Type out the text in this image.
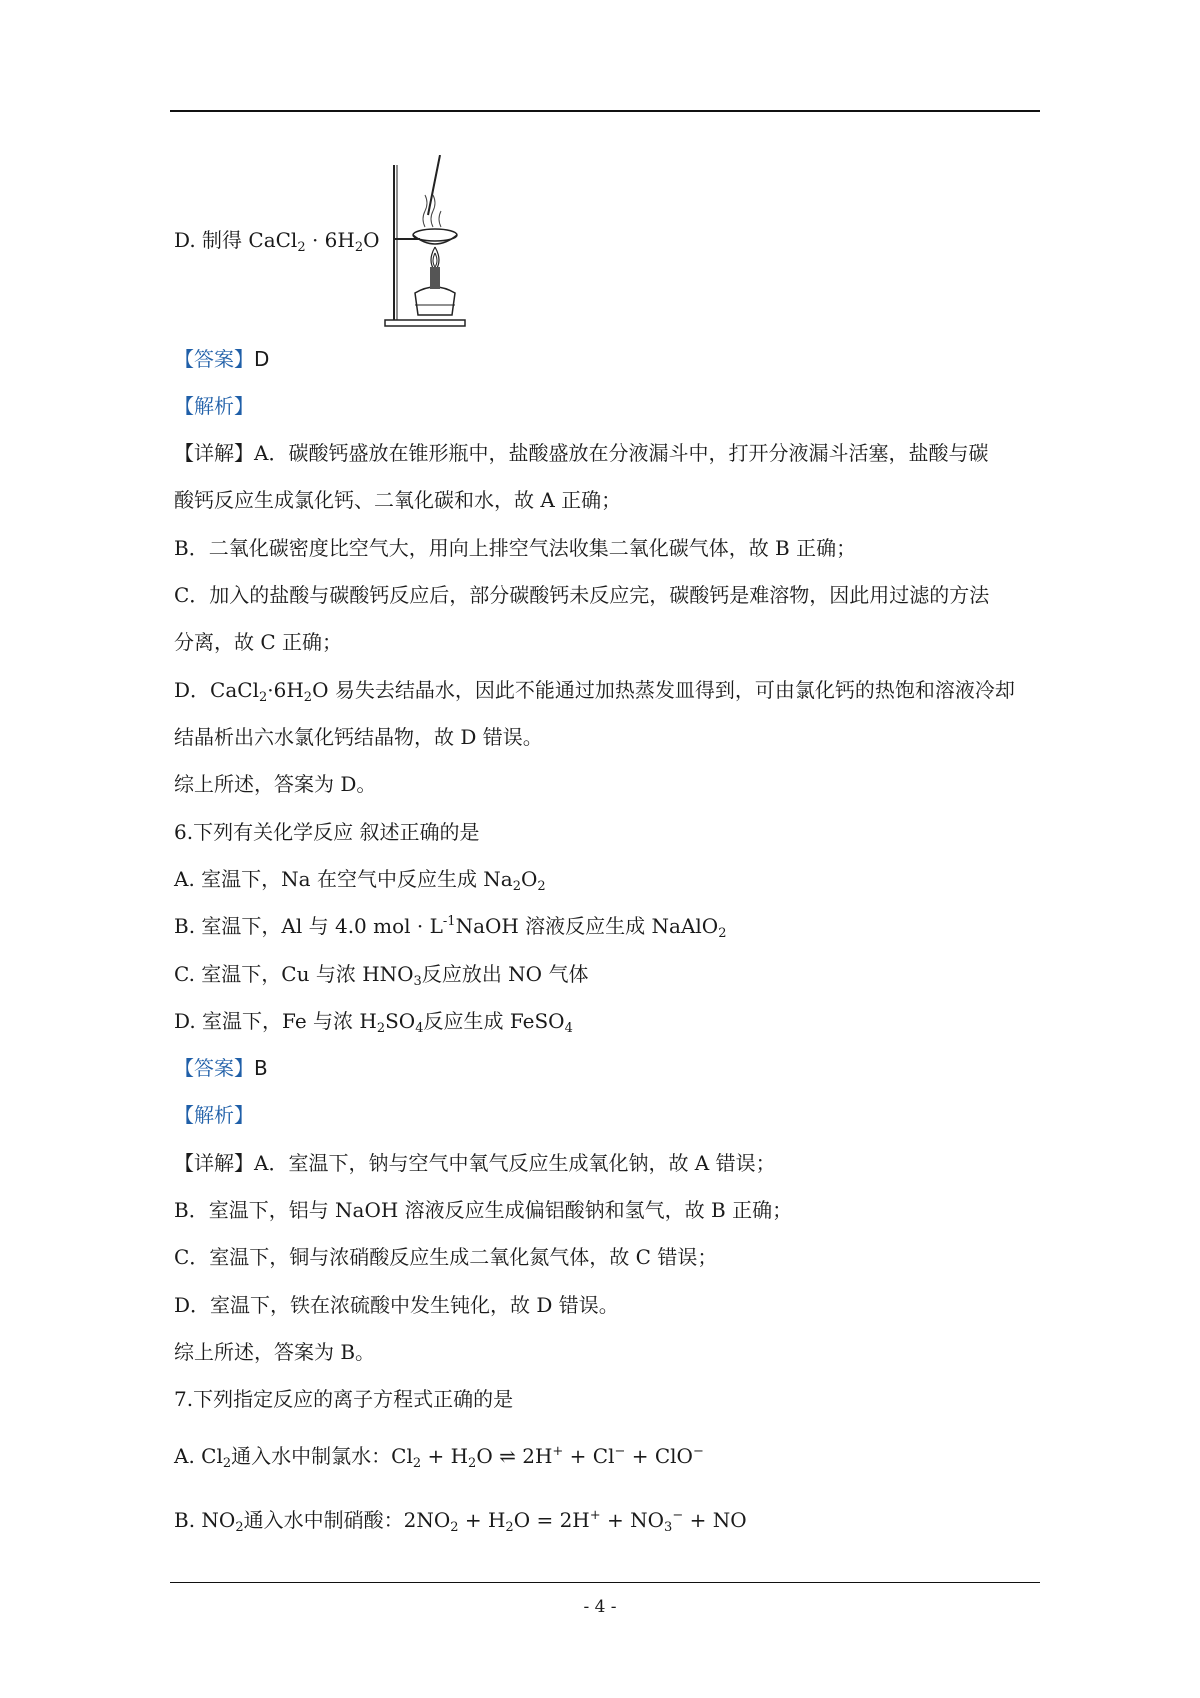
D. 制得 CaCl$_2$ · $6H_2O$
【答案】D
【解析】
【详解】A．碳酸钙盛放在锥形瓶中，盐酸盛放在分液漏斗中，打开分液漏斗活塞，盐酸与碳
酸钙反应生成氯化钙、二氧化碳和水，故 A 正确；
B．二氧化碳密度比空气大，用向上排空气法收集二氧化碳气体，故 B 正确；
C．加入的盐酸与碳酸钙反应后，部分碳酸钙未反应完，碳酸钙是难溶物，因此用过滤的方法
分离，故 C 正确；
D．$CaCl_2\cdot 6H_2O$ 易失去结晶水，因此不能通过加热蒸发皿得到，可由氯化钙的热饱和溶液冷却
结晶析出六水氯化钙结晶物，故 D 错误。
综上所述，答案为 D。
6.下列有关化学反应 叙述正确的是
A. 室温下，Na 在空气中反应生成 $Na_2O_2$
B. 室温下，Al 与 4.0 mol · $L^{-1}NaOH$ 溶液反应生成 NaAlO$_2$
C. 室温下，Cu 与浓 $HNO_3$反应放出 NO 气体
D. 室温下，Fe 与浓 $H_2SO_4$反应生成 FeSO$_4$
【答案】B
【解析】
【详解】A．室温下，钠与空气中氧气反应生成氧化钠，故 A 错误；
B．室温下，铝与 NaOH 溶液反应生成偏铝酸钠和氢气，故 B 正确；
C．室温下，铜与浓硝酸反应生成二氧化氮气体，故 C 错误；
D．室温下，铁在浓硫酸中发生钝化，故 D 错误。
综上所述，答案为 B。
7.下列指定反应的离子方程式正确的是
A. $Cl_2$通入水中制氯水：$Cl_2 + H_2O$ ⇌ 2H+ + Cl− + ClO−
B. $NO_2$通入水中制硝酸：$2NO_2 + H_2O = 2H^+ + NO_3^-$ + NO
- 4 -
